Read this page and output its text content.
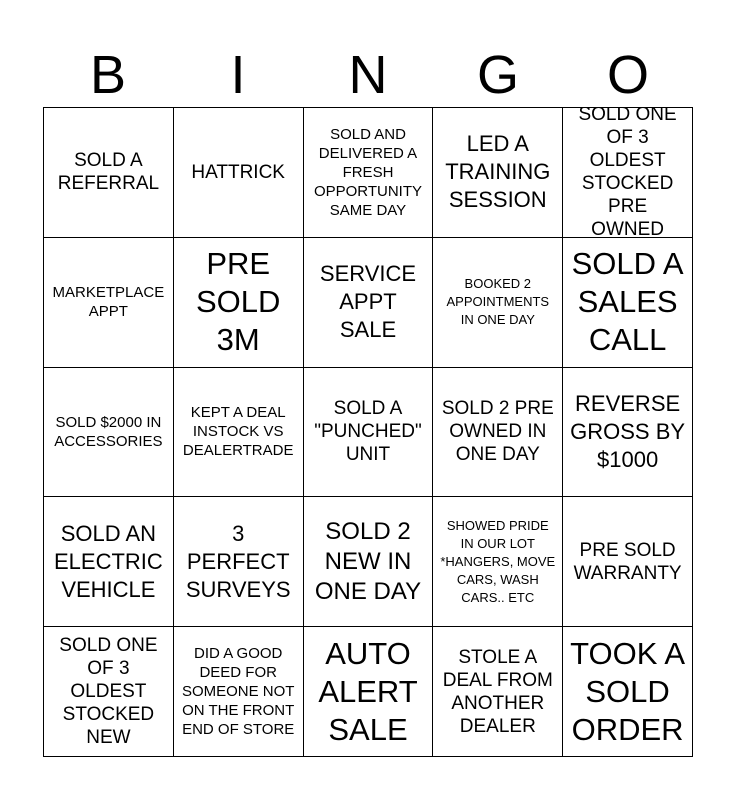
B	I	N	G	O
SOLD A REFERRAL
HATTRICK
SOLD AND DELIVERED A FRESH OPPORTUNITY SAME DAY
LED A TRAINING SESSION
SOLD ONE OF 3 OLDEST STOCKED PRE OWNED
MARKETPLACE APPT
PRE SOLD 3M
SERVICE APPT SALE
BOOKED 2 APPOINTMENTS IN ONE DAY
SOLD A SALES CALL
SOLD $2000 IN ACCESSORIES
KEPT A DEAL INSTOCK VS DEALERTRADE
SOLD A "PUNCHED" UNIT
SOLD 2 PRE OWNED IN ONE DAY
REVERSE GROSS BY $1000
SOLD AN ELECTRIC VEHICLE
3 PERFECT SURVEYS
SOLD 2 NEW IN ONE DAY
SHOWED PRIDE IN OUR LOT *HANGERS, MOVE CARS, WASH CARS.. ETC
PRE SOLD WARRANTY
SOLD ONE OF 3 OLDEST STOCKED NEW
DID A GOOD DEED FOR SOMEONE NOT ON THE FRONT END OF STORE
AUTO ALERT SALE
STOLE A DEAL FROM ANOTHER DEALER
TOOK A SOLD ORDER
